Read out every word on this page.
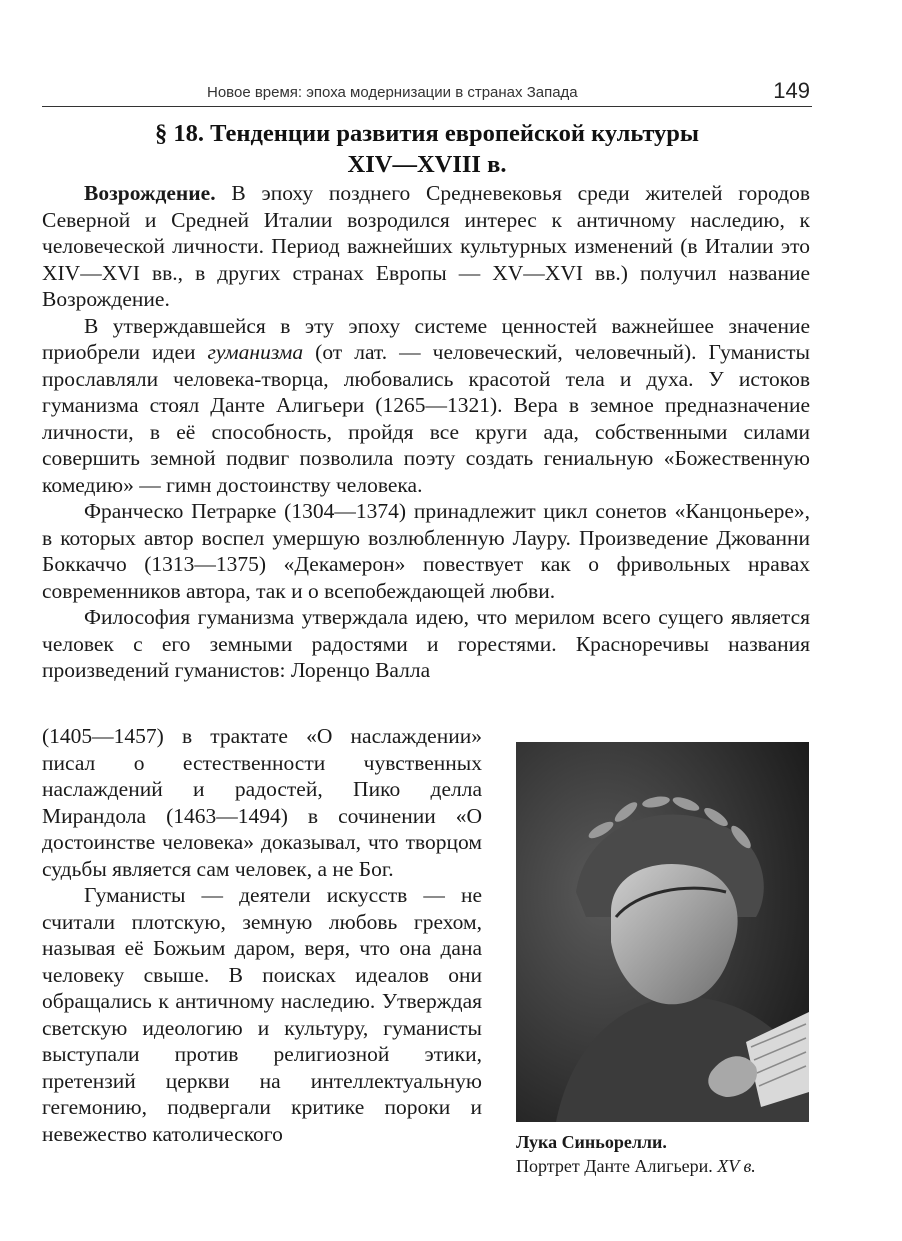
Новое время: эпоха модернизации в странах Запада	149
§ 18. Тенденции развития европейской культуры
XIV—XVIII в.

Возрождение. В эпоху позднего Средневековья среди жителей городов Северной и Средней Италии возродился интерес к античному наследию, к человеческой личности. Период важнейших культурных изменений (в Италии это XIV—XVI вв., в других странах Европы — XV—XVI вв.) получил название Возрождение.

В утверждавшейся в эту эпоху системе ценностей важнейшее значение приобрели идеи гуманизма (от лат. — человеческий, человечный). Гуманисты прославляли человека-творца, любовались красотой тела и духа. У истоков гуманизма стоял Данте Алигьери (1265—1321). Вера в земное предназначение личности, в её способность, пройдя все круги ада, собственными силами совершить земной подвиг позволила поэту создать гениальную «Божественную комедию» — гимн достоинству человека.

Франческо Петрарке (1304—1374) принадлежит цикл сонетов «Канцоньере», в которых автор воспел умершую возлюбленную Лауру. Произведение Джованни Боккаччо (1313—1375) «Декамерон» повествует как о фривольных нравах современников автора, так и о всепобеждающей любви.

Философия гуманизма утверждала идею, что мерилом всего сущего является человек с его земными радостями и горестями. Красноречивы названия произведений гуманистов: Лоренцо Валла

(1405—1457) в трактате «О наслаждении» писал о естественности чувственных наслаждений и радостей, Пико делла Мирандола (1463—1494) в сочинении «О достоинстве человека» доказывал, что творцом судьбы является сам человек, а не Бог.

Гуманисты — деятели искусств — не считали плотскую, земную любовь грехом, называя её Божьим даром, веря, что она дана человеку свыше. В поисках идеалов они обращались к античному наследию. Утверждая светскую идеологию и культуру, гуманисты выступали против религиозной этики, претензий церкви на интеллектуальную гегемонию, подвергали критике пороки и невежество католического	Лука Синьорелли.
Портрет Данте Алигьери. XV в.
